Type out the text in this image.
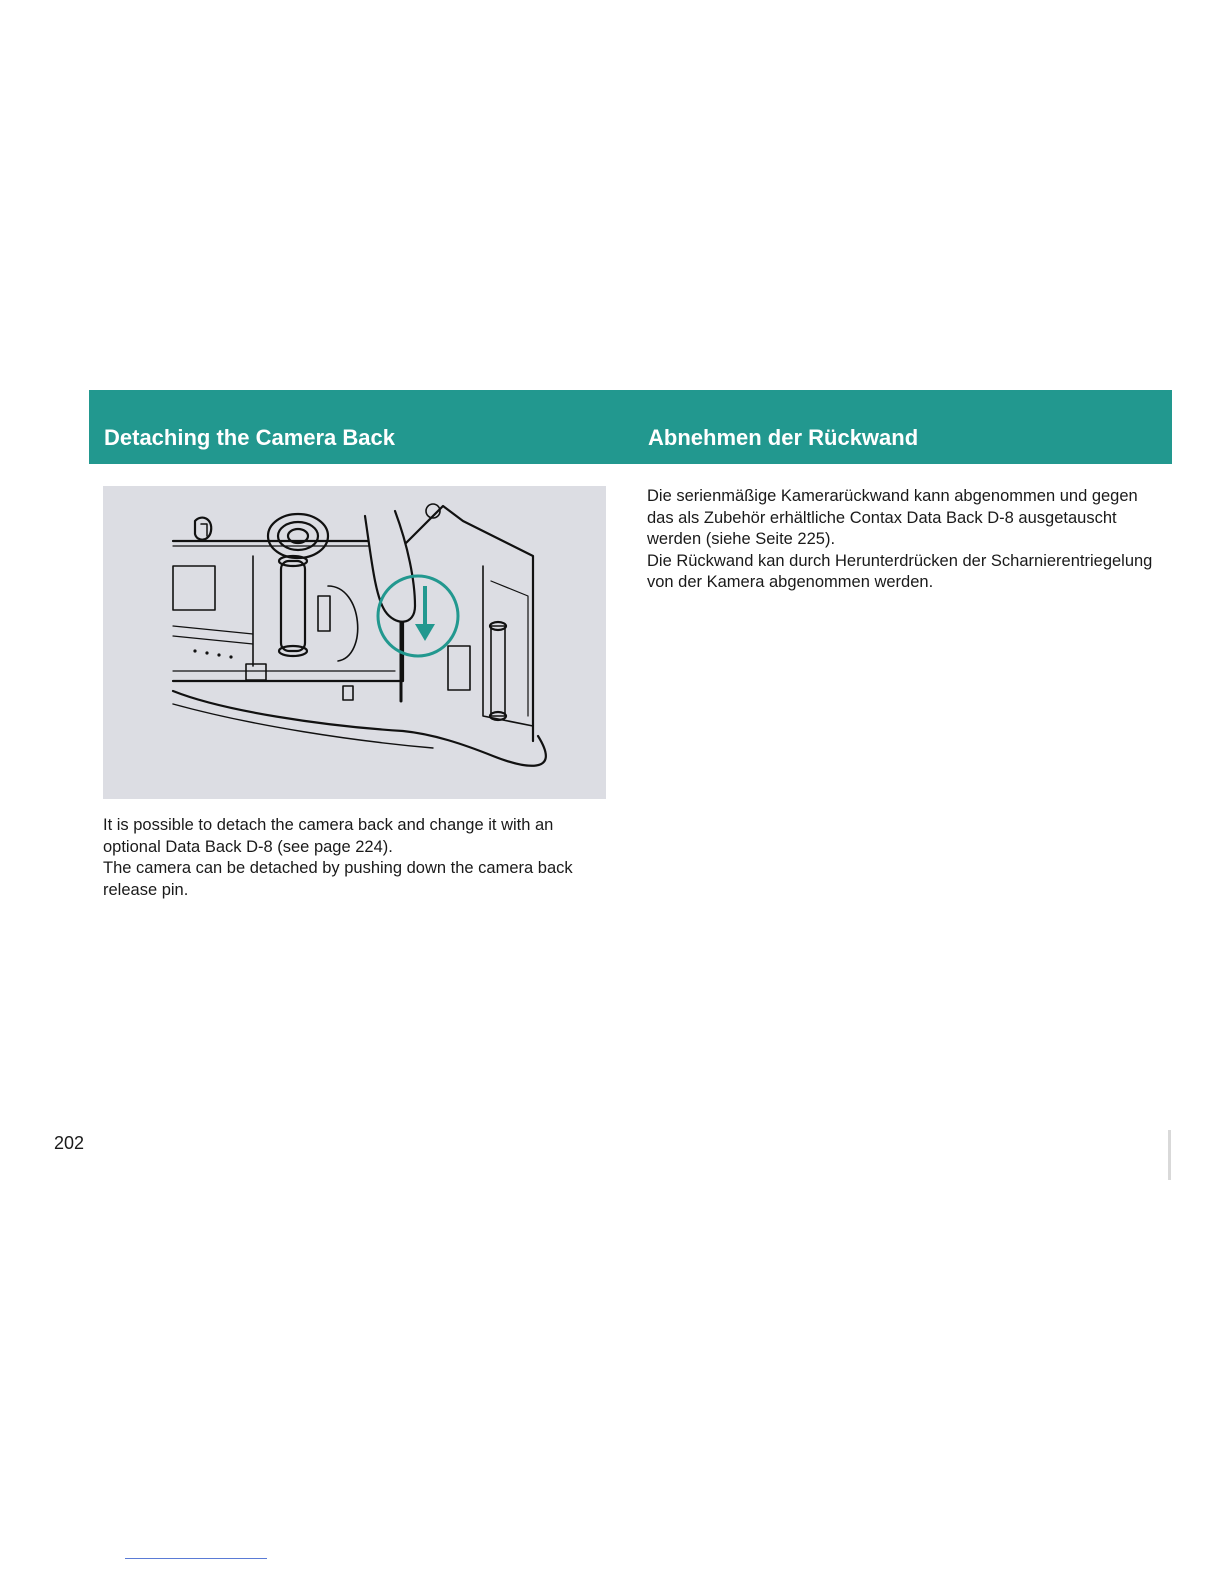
Detaching the Camera Back	Abnehmen der Rückwand

It is possible to detach the camera back and change it with an optional Data Back D-8 (see page 224).

The camera can be detached by pushing down the camera back release pin.

Die serienmäßige Kamerarückwand kann abgenommen und gegen das als Zubehör erhältliche Contax Data Back D-8 ausgetauscht werden (siehe Seite 225).

Die Rückwand kan durch Herunterdrücken der Scharnierentriegelung von der Kamera abgenommen werden.

202
